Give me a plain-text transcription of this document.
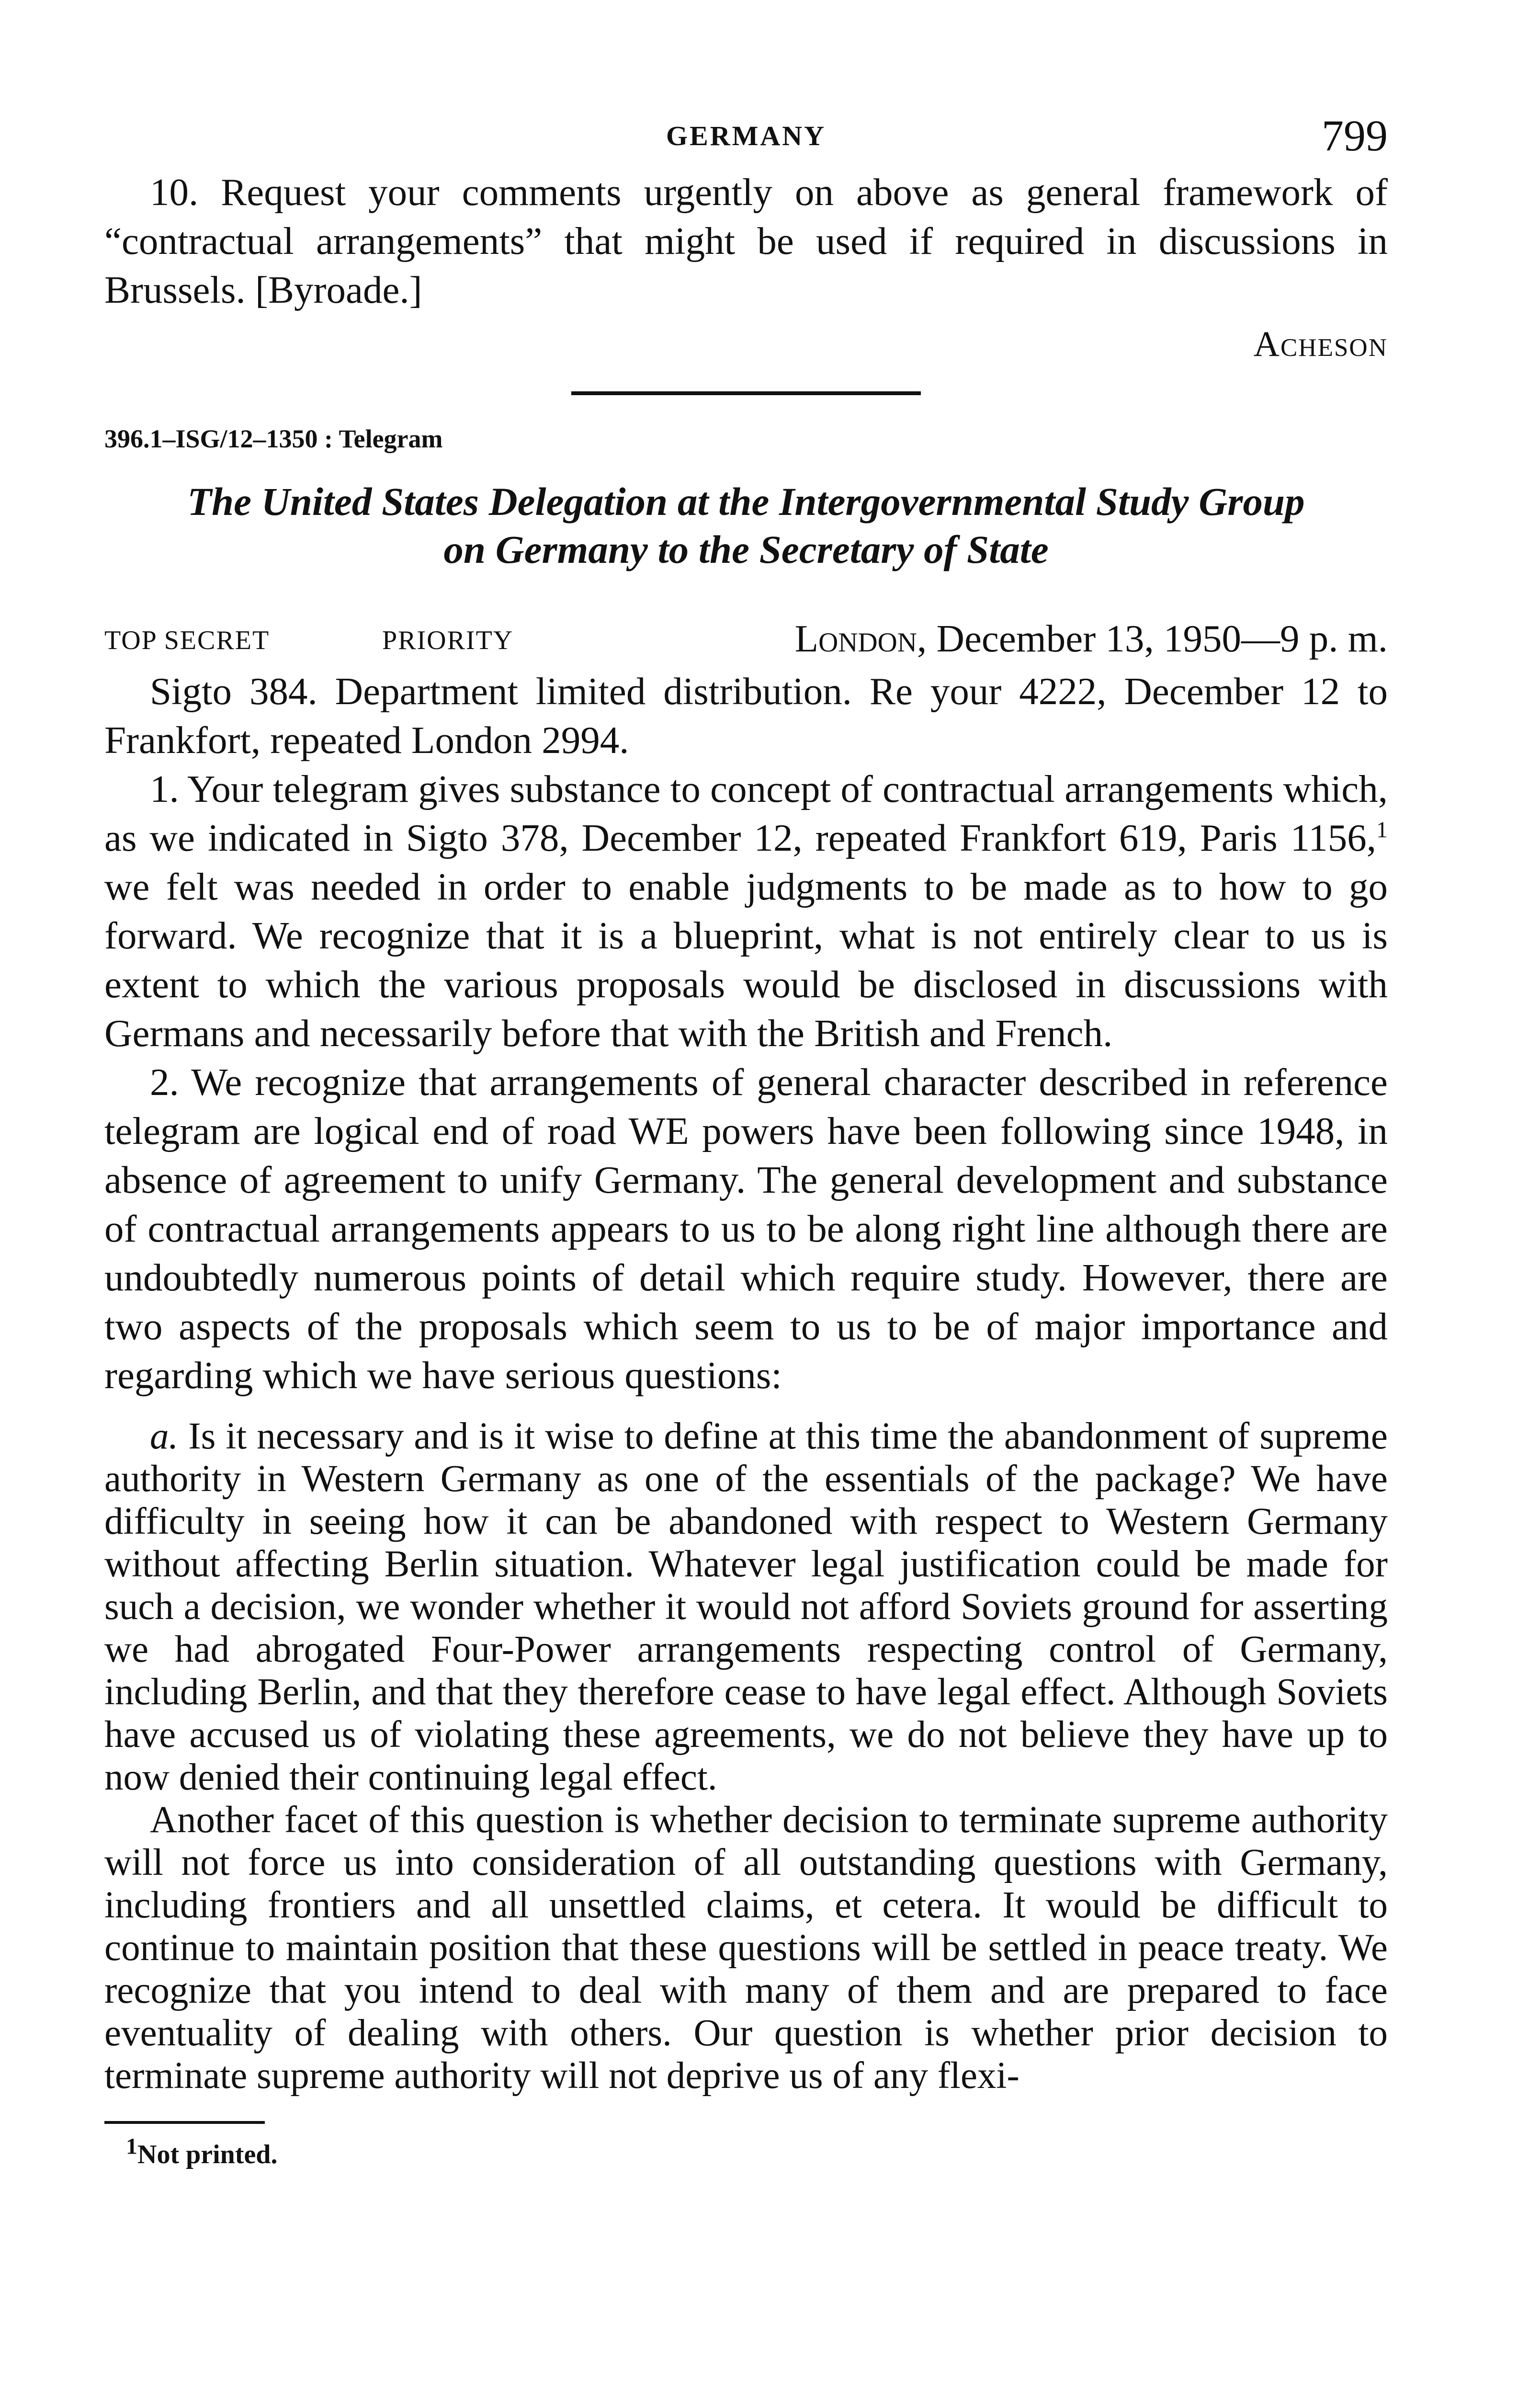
GERMANY	799

10. Request your comments urgently on above as general framework of “contractual arrangements” that might be used if required in discussions in Brussels. [Byroade.]

Acheson
396.1–ISG/12–1350 : Telegram
The United States Delegation at the Intergovernmental Study Group
on Germany to the Secretary of State
TOP SECRET	PRIORITY	London, December 13, 1950—9 p. m.

Sigto 384. Department limited distribution. Re your 4222, December 12 to Frankfort, repeated London 2994.

1. Your telegram gives substance to concept of contractual arrangements which, as we indicated in Sigto 378, December 12, repeated Frankfort 619, Paris 1156,$^1$ we felt was needed in order to enable judgments to be made as to how to go forward. We recognize that it is a blueprint, what is not entirely clear to us is extent to which the various proposals would be disclosed in discussions with Germans and necessarily before that with the British and French.

2. We recognize that arrangements of general character described in reference telegram are logical end of road WE powers have been following since 1948, in absence of agreement to unify Germany. The general development and substance of contractual arrangements appears to us to be along right line although there are undoubtedly numerous points of detail which require study. However, there are two aspects of the proposals which seem to us to be of major importance and regarding which we have serious questions:

a. Is it necessary and is it wise to define at this time the abandonment of supreme authority in Western Germany as one of the essentials of the package? We have difficulty in seeing how it can be abandoned with respect to Western Germany without affecting Berlin situation. Whatever legal justification could be made for such a decision, we wonder whether it would not afford Soviets ground for asserting we had abrogated Four-Power arrangements respecting control of Germany, including Berlin, and that they therefore cease to have legal effect. Although Soviets have accused us of violating these agreements, we do not believe they have up to now denied their continuing legal effect.

Another facet of this question is whether decision to terminate supreme authority will not force us into consideration of all outstanding questions with Germany, including frontiers and all unsettled claims, et cetera. It would be difficult to continue to maintain position that these questions will be settled in peace treaty. We recognize that you intend to deal with many of them and are prepared to face eventuality of dealing with others. Our question is whether prior decision to terminate supreme authority will not deprive us of any flexi-

$^1$Not printed.
